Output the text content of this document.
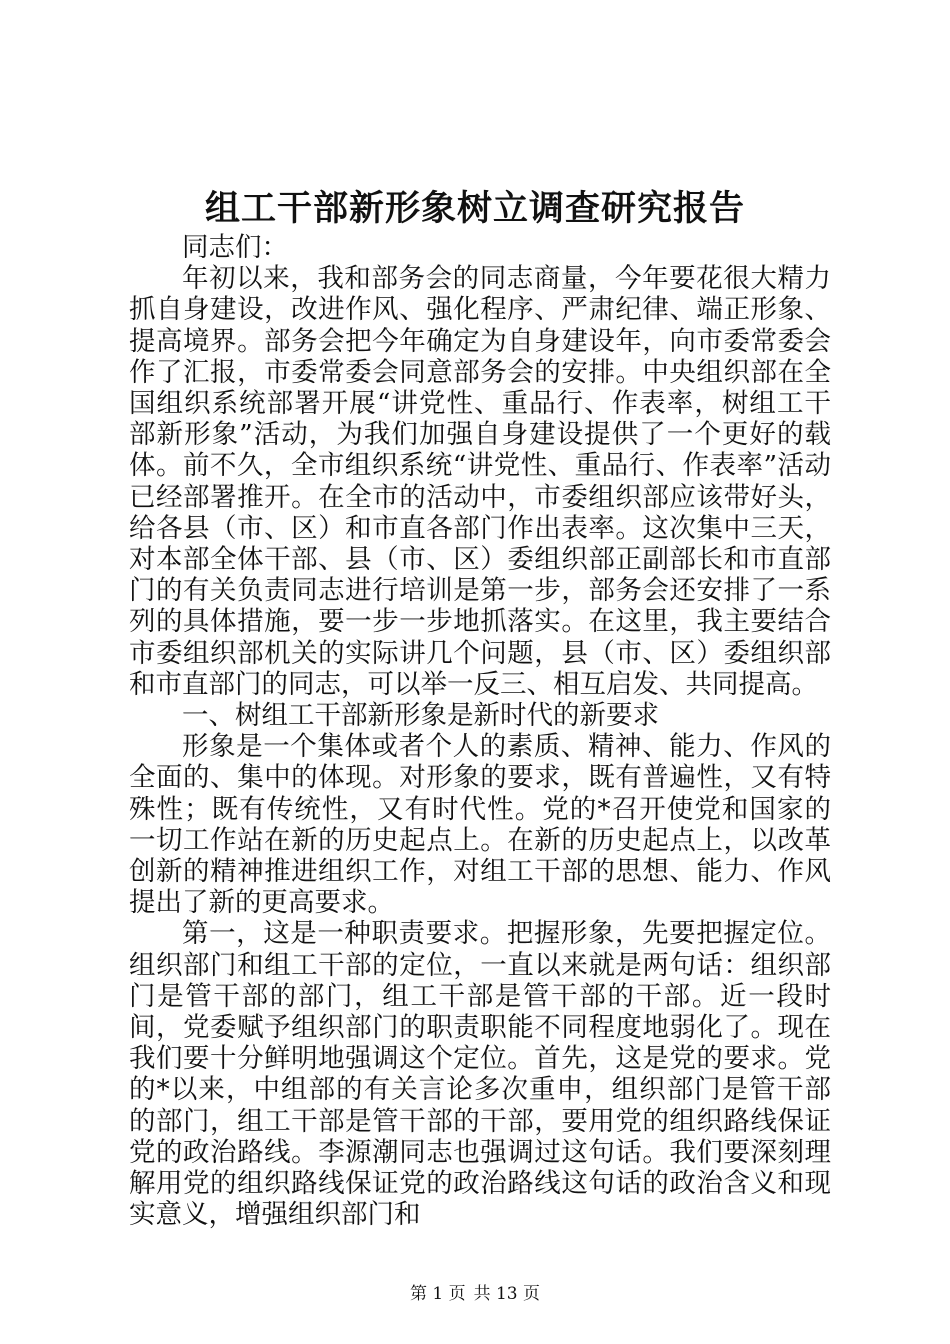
组工干部新形象树立调查研究报告

同志们：

年初以来，我和部务会的同志商量，今年要花很大精力抓自身建设，改进作风、强化程序、严肃纪律、端正形象、提高境界。部务会把今年确定为自身建设年，向市委常委会作了汇报，市委常委会同意部务会的安排。中央组织部在全国组织系统部署开展“讲党性、重品行、作表率，树组工干部新形象”活动，为我们加强自身建设提供了一个更好的载体。前不久，全市组织系统“讲党性、重品行、作表率”活动已经部署推开。在全市的活动中，市委组织部应该带好头，给各县（市、区）和市直各部门作出表率。这次集中三天，对本部全体干部、县（市、区）委组织部正副部长和市直部门的有关负责同志进行培训是第一步，部务会还安排了一系列的具体措施，要一步一步地抓落实。在这里，我主要结合市委组织部机关的实际讲几个问题，县（市、区）委组织部和市直部门的同志，可以举一反三、相互启发、共同提高。

一、树组工干部新形象是新时代的新要求

形象是一个集体或者个人的素质、精神、能力、作风的全面的、集中的体现。对形象的要求，既有普遍性，又有特殊性；既有传统性，又有时代性。党的*召开使党和国家的一切工作站在新的历史起点上。在新的历史起点上，以改革创新的精神推进组织工作，对组工干部的思想、能力、作风提出了新的更高要求。

第一，这是一种职责要求。把握形象，先要把握定位。组织部门和组工干部的定位，一直以来就是两句话：组织部门是管干部的部门，组工干部是管干部的干部。近一段时间，党委赋予组织部门的职责职能不同程度地弱化了。现在我们要十分鲜明地强调这个定位。首先，这是党的要求。党的*以来，中组部的有关言论多次重申，组织部门是管干部的部门，组工干部是管干部的干部，要用党的组织路线保证党的政治路线。李源潮同志也强调过这句话。我们要深刻理解用党的组织路线保证党的政治路线这句话的政治含义和现实意义，增强组织部门和

第 1 页 共 13 页
